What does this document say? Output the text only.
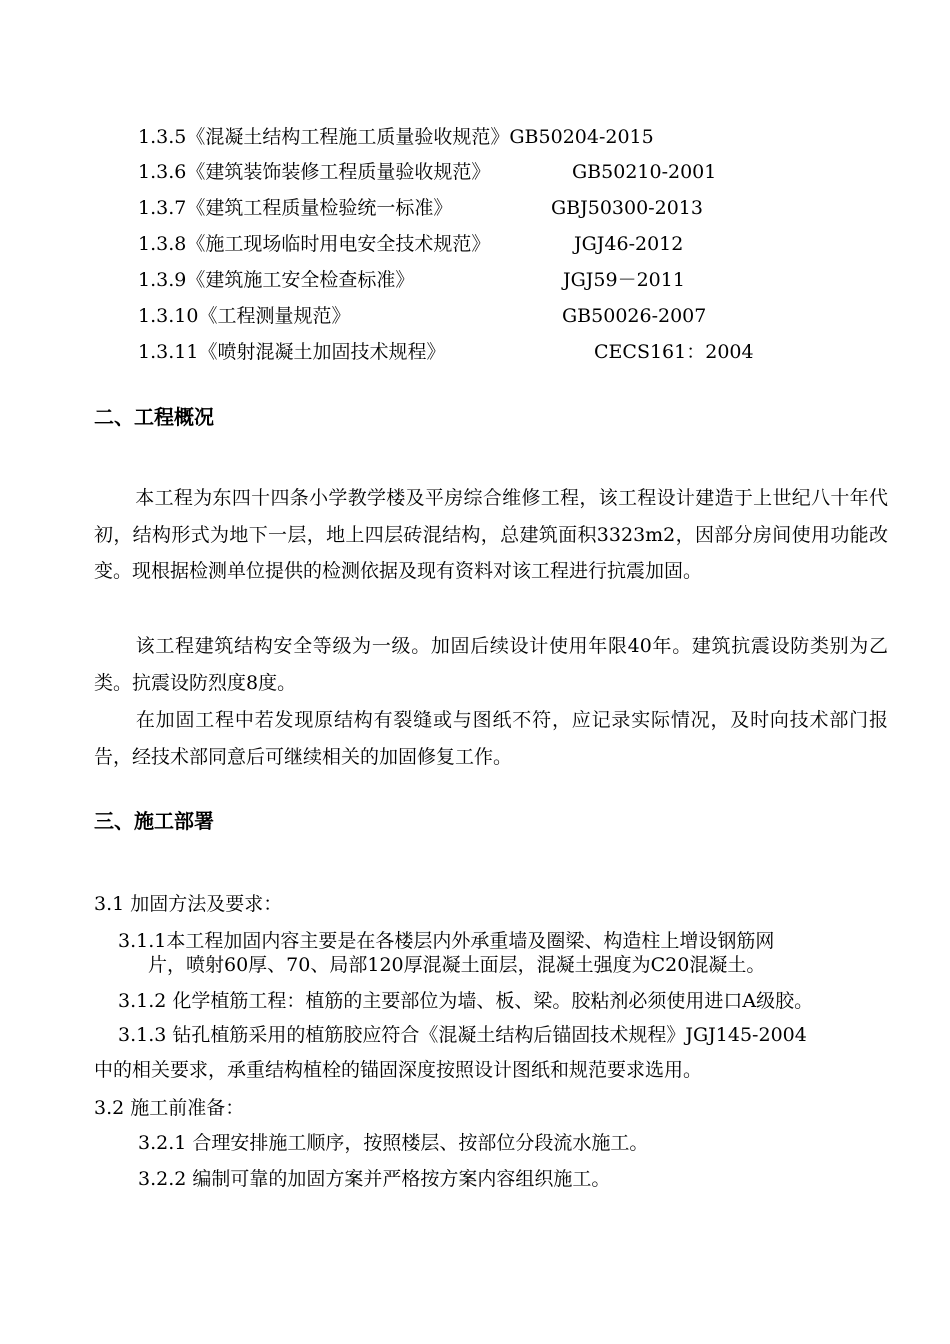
1.3.5《混凝土结构工程施工质量验收规范》GB50204-2015
1.3.6《建筑装饰装修工程质量验收规范》	GB50210-2001
1.3.7《建筑工程质量检验统一标准》	GBJ50300-2013
1.3.8《施工现场临时用电安全技术规范》	JGJ46-2012
1.3.9《建筑施工安全检查标准》	JGJ59－2011
1.3.10《工程测量规范》	GB50026-2007
1.3.11《喷射混凝土加固技术规程》	CECS161：2004
二、工程概况
本工程为东四十四条小学教学楼及平房综合维修工程，该工程设计建造于上世纪八十年代初，结构形式为地下一层，地上四层砖混结构，总建筑面积3323m2，因部分房间使用功能改变。现根据检测单位提供的检测依据及现有资料对该工程进行抗震加固。
该工程建筑结构安全等级为一级。加固后续设计使用年限40年。建筑抗震设防类别为乙类。抗震设防烈度8度。
在加固工程中若发现原结构有裂缝或与图纸不符，应记录实际情况，及时向技术部门报告，经技术部同意后可继续相关的加固修复工作。
三、施工部署
3.1 加固方法及要求：
3.1.1本工程加固内容主要是在各楼层内外承重墙及圈梁、构造柱上增设钢筋网
片，喷射60厚、70、局部120厚混凝土面层，混凝土强度为C20混凝土。
3.1.2 化学植筋工程：植筋的主要部位为墙、板、梁。胶粘剂必须使用进口A级胶。
3.1.3 钻孔植筋采用的植筋胶应符合《混凝土结构后锚固技术规程》JGJ145-2004
中的相关要求，承重结构植栓的锚固深度按照设计图纸和规范要求选用。
3.2 施工前准备：
3.2.1 合理安排施工顺序，按照楼层、按部位分段流水施工。
3.2.2 编制可靠的加固方案并严格按方案内容组织施工。
